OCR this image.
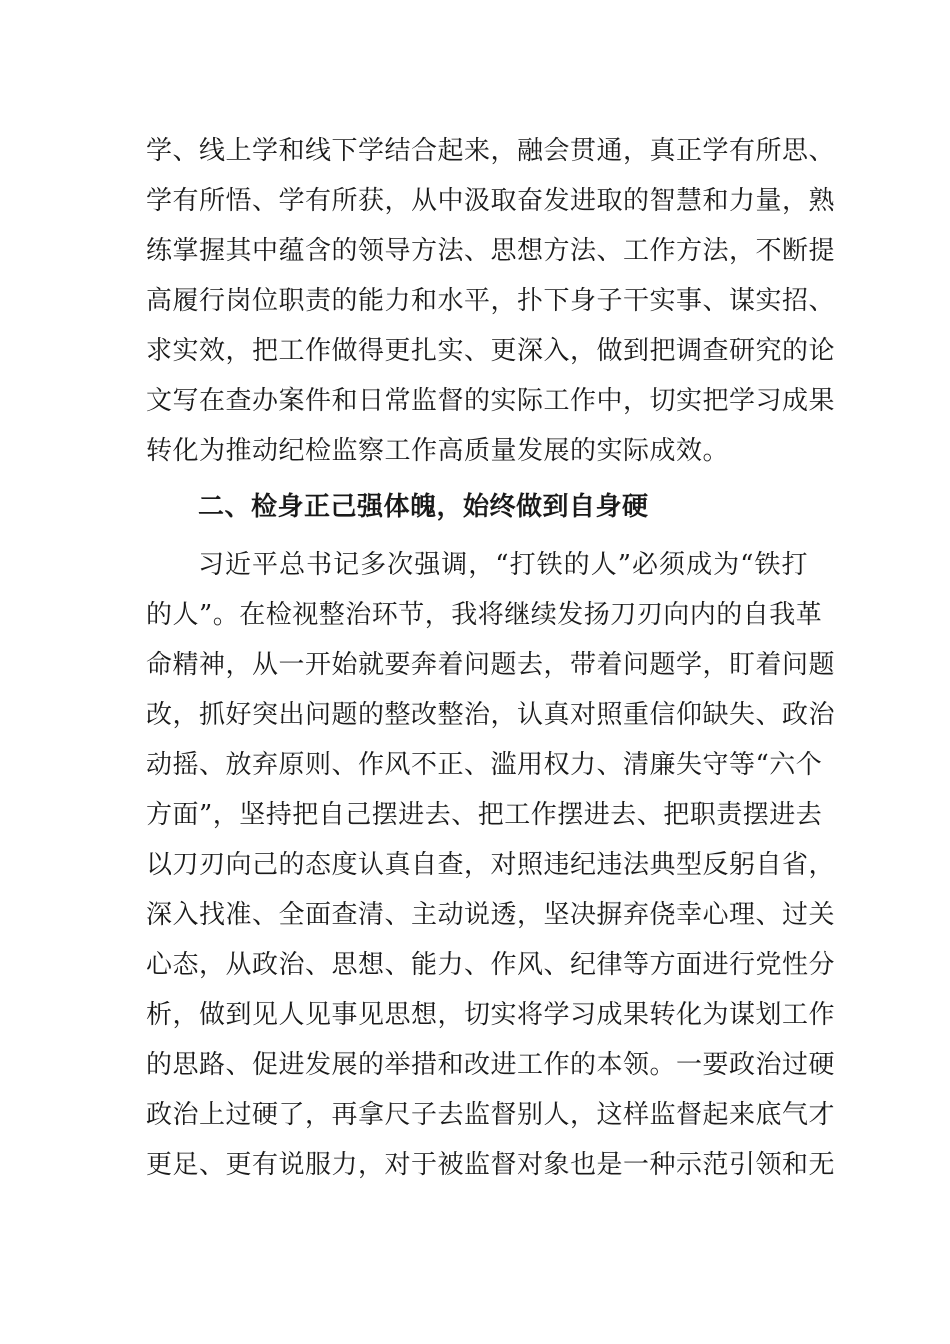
学、线上学和线下学结合起来，融会贯通，真正学有所思、
学有所悟、学有所获，从中汲取奋发进取的智慧和力量，熟
练掌握其中蕴含的领导方法、思想方法、工作方法，不断提
高履行岗位职责的能力和水平，扑下身子干实事、谋实招、
求实效，把工作做得更扎实、更深入，做到把调查研究的论
文写在查办案件和日常监督的实际工作中，切实把学习成果
转化为推动纪检监察工作高质量发展的实际成效。
二、检身正己强体魄，始终做到自身硬
习近平总书记多次强调，“打铁的人”必须成为“铁打
的人”。在检视整治环节，我将继续发扬刀刃向内的自我革
命精神，从一开始就要奔着问题去，带着问题学，盯着问题
改，抓好突出问题的整改整治，认真对照重信仰缺失、政治
动摇、放弃原则、作风不正、滥用权力、清廉失守等“六个
方面”，坚持把自己摆进去、把工作摆进去、把职责摆进去
以刀刃向己的态度认真自查，对照违纪违法典型反躬自省，
深入找准、全面查清、主动说透，坚决摒弃侥幸心理、过关
心态，从政治、思想、能力、作风、纪律等方面进行党性分
析，做到见人见事见思想，切实将学习成果转化为谋划工作
的思路、促进发展的举措和改进工作的本领。一要政治过硬
政治上过硬了，再拿尺子去监督别人，这样监督起来底气才
更足、更有说服力，对于被监督对象也是一种示范引领和无
